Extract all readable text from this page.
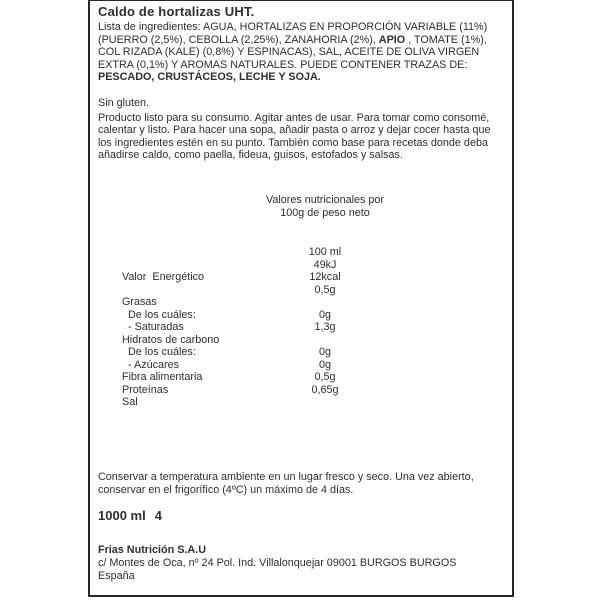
Caldo de hortalizas UHT.
Lista de ingredientes: AGUA, HORTALIZAS EN PROPORCIÓN VARIABLE (11%) (PUERRO (2,5%), CEBOLLA (2,25%), ZANAHORIA (2%), APIO , TOMATE (1%), COL RIZADA (KALE) (0,8%) Y ESPINACAS), SAL, ACEITE DE OLIVA VIRGEN EXTRA (0,1%) Y AROMAS NATURALES. PUEDE CONTENER TRAZAS DE: PESCADO, CRUSTÁCEOS, LECHE Y SOJA.
Sin gluten.
Producto listo para su consumo. Agitar antes de usar. Para tomar como consomé, calentar y listo. Para hacer una sopa, añadir pasta o arroz y dejar cocer hasta que los ingredientes estén en su punto. También como base para recetas donde deba añadirse caldo, como paella, fideua, guisos, estofados y salsas.
Valores nutricionales por
100g de peso neto

100 ml

Valor  Energético

49kJ

12kcal

Grasas

0,5g

De los cuáles:

- Saturadas

0g

Hidratos de carbono

1,3g

De los cuáles:

- Azúcares

0g

Fibra alimentaria

0g

Proteínas

0,5g

Sal

0,65g

Conservar a temperatura ambiente en un lugar fresco y seco. Una vez abierto, conservar en el frigorífico (4ºC) un máximo de 4 días.
1000 ml 4
Frias Nutrición S.A.U
c/ Montes de Oca, nº 24 Pol. Ind. Villalonquejar 09001 BURGOS BURGOS
España
